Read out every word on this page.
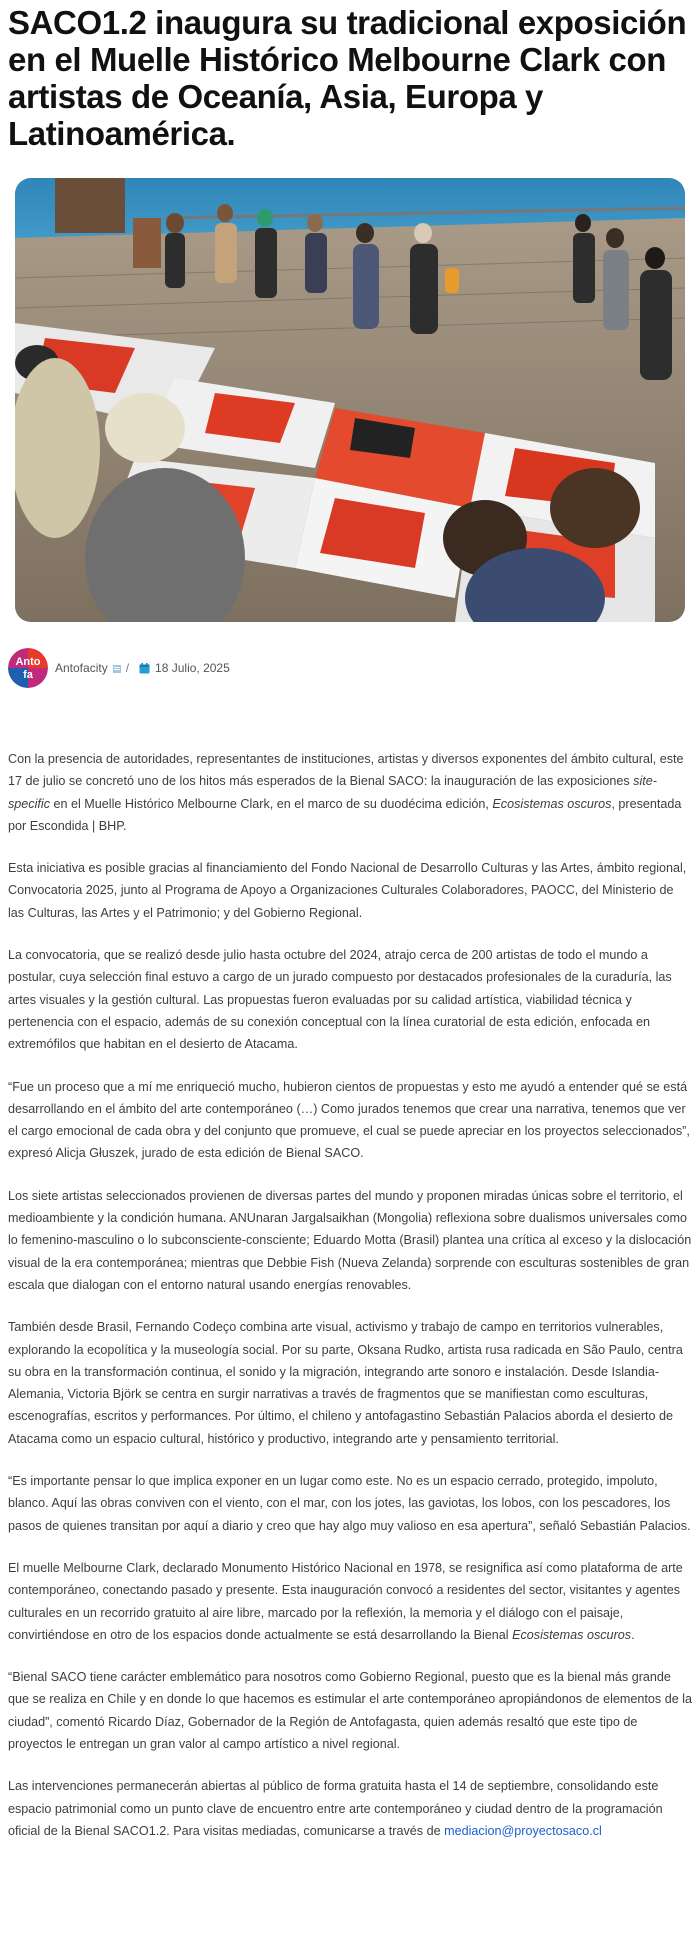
SACO1.2 inaugura su tradicional exposición en el Muelle Histórico Melbourne Clark con artistas de Oceanía, Asia, Europa y Latinoamérica.
Anto
fa Antofacity / 18 Julio, 2025

Con la presencia de autoridades, representantes de instituciones, artistas y diversos exponentes del ámbito cultural, este 17 de julio se concretó uno de los hitos más esperados de la Bienal SACO: la inauguración de las exposiciones site-specific en el Muelle Histórico Melbourne Clark, en el marco de su duodécima edición, Ecosistemas oscuros, presentada por Escondida | BHP.

Esta iniciativa es posible gracias al financiamiento del Fondo Nacional de Desarrollo Culturas y las Artes, ámbito regional, Convocatoria 2025, junto al Programa de Apoyo a Organizaciones Culturales Colaboradores, PAOCC, del Ministerio de las Culturas, las Artes y el Patrimonio; y del Gobierno Regional.

La convocatoria, que se realizó desde julio hasta octubre del 2024, atrajo cerca de 200 artistas de todo el mundo a postular, cuya selección final estuvo a cargo de un jurado compuesto por destacados profesionales de la curaduría, las artes visuales y la gestión cultural. Las propuestas fueron evaluadas por su calidad artística, viabilidad técnica y pertenencia con el espacio, además de su conexión conceptual con la línea curatorial de esta edición, enfocada en extremófilos que habitan en el desierto de Atacama.

“Fue un proceso que a mí me enriqueció mucho, hubieron cientos de propuestas y esto me ayudó a entender qué se está desarrollando en el ámbito del arte contemporáneo (…) Como jurados tenemos que crear una narrativa, tenemos que ver el cargo emocional de cada obra y del conjunto que promueve, el cual se puede apreciar en los proyectos seleccionados”, expresó Alicja Głuszek, jurado de esta edición de Bienal SACO.

Los siete artistas seleccionados provienen de diversas partes del mundo y proponen miradas únicas sobre el territorio, el medioambiente y la condición humana. ANUnaran Jargalsaikhan (Mongolia) reflexiona sobre dualismos universales como lo femenino-masculino o lo subconsciente-consciente; Eduardo Motta (Brasil) plantea una crítica al exceso y la dislocación visual de la era contemporánea; mientras que Debbie Fish (Nueva Zelanda) sorprende con esculturas sostenibles de gran escala que dialogan con el entorno natural usando energías renovables.

También desde Brasil, Fernando Codeço combina arte visual, activismo y trabajo de campo en territorios vulnerables, explorando la ecopolítica y la museología social. Por su parte, Oksana Rudko, artista rusa radicada en São Paulo, centra su obra en la transformación continua, el sonido y la migración, integrando arte sonoro e instalación. Desde Islandia-Alemania, Victoria Björk se centra en surgir narrativas a través de fragmentos que se manifiestan como esculturas, escenografías, escritos y performances. Por último, el chileno y antofagastino Sebastián Palacios aborda el desierto de Atacama como un espacio cultural, histórico y productivo, integrando arte y pensamiento territorial.

“Es importante pensar lo que implica exponer en un lugar como este. No es un espacio cerrado, protegido, impoluto, blanco. Aquí las obras conviven con el viento, con el mar, con los jotes, las gaviotas, los lobos, con los pescadores, los pasos de quienes transitan por aquí a diario y creo que hay algo muy valioso en esa apertura”, señaló Sebastián Palacios.

El muelle Melbourne Clark, declarado Monumento Histórico Nacional en 1978, se resignifica así como plataforma de arte contemporáneo, conectando pasado y presente. Esta inauguración convocó a residentes del sector, visitantes y agentes culturales en un recorrido gratuito al aire libre, marcado por la reflexión, la memoria y el diálogo con el paisaje, convirtiéndose en otro de los espacios donde actualmente se está desarrollando la Bienal Ecosistemas oscuros.

“Bienal SACO tiene carácter emblemático para nosotros como Gobierno Regional, puesto que es la bienal más grande que se realiza en Chile y en donde lo que hacemos es estimular el arte contemporáneo apropiándonos de elementos de la ciudad”, comentó Ricardo Díaz, Gobernador de la Región de Antofagasta, quien además resaltó que este tipo de proyectos le entregan un gran valor al campo artístico a nivel regional.

Las intervenciones permanecerán abiertas al público de forma gratuita hasta el 14 de septiembre, consolidando este espacio patrimonial como un punto clave de encuentro entre arte contemporáneo y ciudad dentro de la programación oficial de la Bienal SACO1.2. Para visitas mediadas, comunicarse a través de mediacion@proyectosaco.cl
